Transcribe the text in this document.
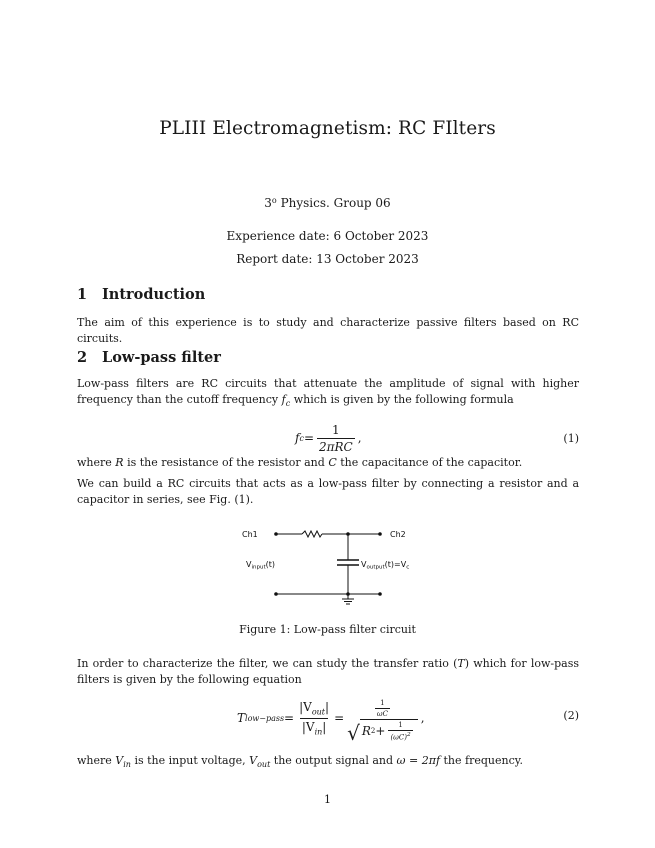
PLIII Electromagnetism: RC FIlters
3$^o$ Physics. Group 06
Experience date: 6 October 2023
Report date: 13 October 2023
1 Introduction
The aim of this experience is to study and characterize passive filters based on RC circuits.
2 Low-pass filter
Low-pass filters are RC circuits that attenuate the amplitude of signal with higher frequency than the cutoff frequency $f_c$ which is given by the following formula
f $c = \frac{1}{\text{2πRC}}$ ,	(1)
where R is the resistance of the resistor and C the capacitance of the capacitor.
We can build a RC circuits that acts as a low-pass filter by connecting a resistor and a capacitor in series, see Fig. (1).
Ch1	Ch2
Vinput(t)	Voutput(t)=Vc
Figure 1: Low-pass filter circuit
In order to characterize the filter, we can study the transfer ratio (T) which for low-pass filters is given by the following equation
T low−pass = $\frac{|V_{out}|}{|V_{in}|}$ =	$\frac{1}{\omega C}$
√ R $2 + \frac{1}{(\omega C)^2}$
,	(2)
where $V_{in}$ is the input voltage, $V_{out}$ the output signal and ω = 2πf the frequency.
1
